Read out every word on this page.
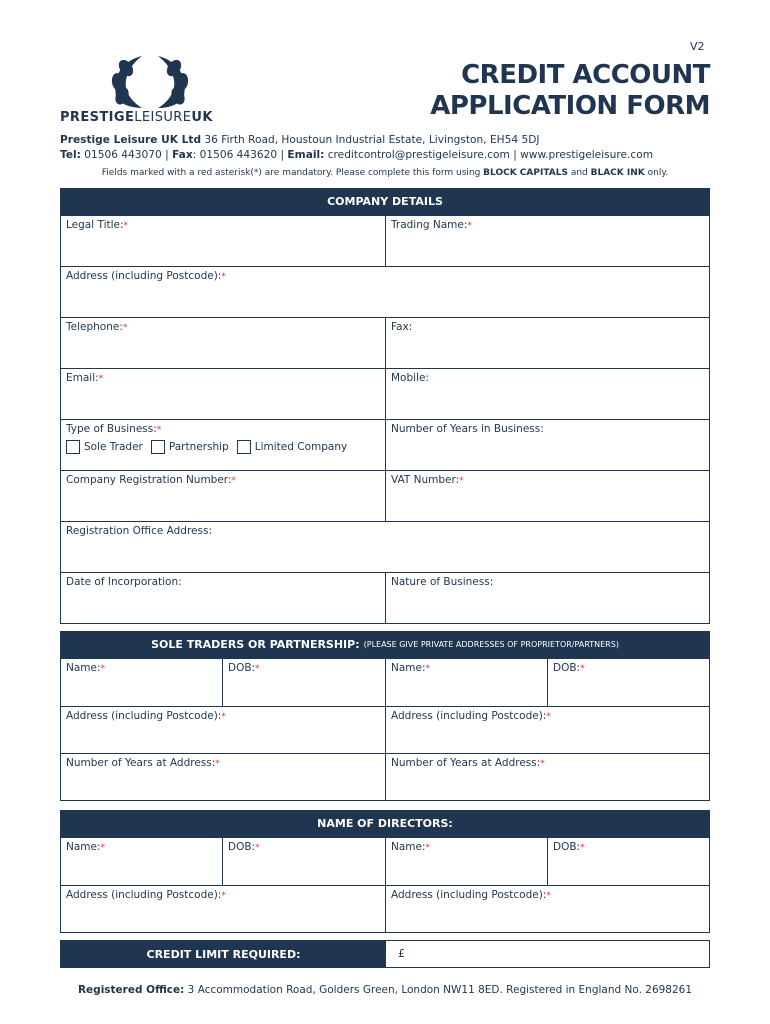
V2
PRESTIGELEISUREUK
CREDIT ACCOUNT
APPLICATION FORM
Prestige Leisure UK Ltd 36 Firth Road, Houstoun Industrial Estate, Livingston, EH54 5DJ
Tel: 01506 443070 | Fax: 01506 443620 | Email: creditcontrol@prestigeleisure.com | www.prestigeleisure.com
Fields marked with a red asterisk(*) are mandatory. Please complete this form using BLOCK CAPITALS and BLACK INK only.
COMPANY DETAILS
Legal Title:*	Trading Name:*
Address (including Postcode):*	
Telephone:*	Fax:
Email:*	Mobile:
Type of Business:*
Sole Trader Partnership Limited Company	Number of Years in Business:
Company Registration Number:*	VAT Number:*
Registration Office Address:	
Date of Incorporation:	Nature of Business:
SOLE TRADERS OR PARTNERSHIP: (PLEASE GIVE PRIVATE ADDRESSES OF PROPRIETOR/PARTNERS)
Name:*	DOB:*	Name:*	DOB:*
Address (including Postcode):*		Address (including Postcode):*	
Number of Years at Address:*		Number of Years at Address:*	
NAME OF DIRECTORS:
Name:*	DOB:*	Name:*	DOB:*
Address (including Postcode):*		Address (including Postcode):*	
CREDIT LIMIT REQUIRED:	£
Registered Office: 3 Accommodation Road, Golders Green, London NW11 8ED. Registered in England No. 2698261
